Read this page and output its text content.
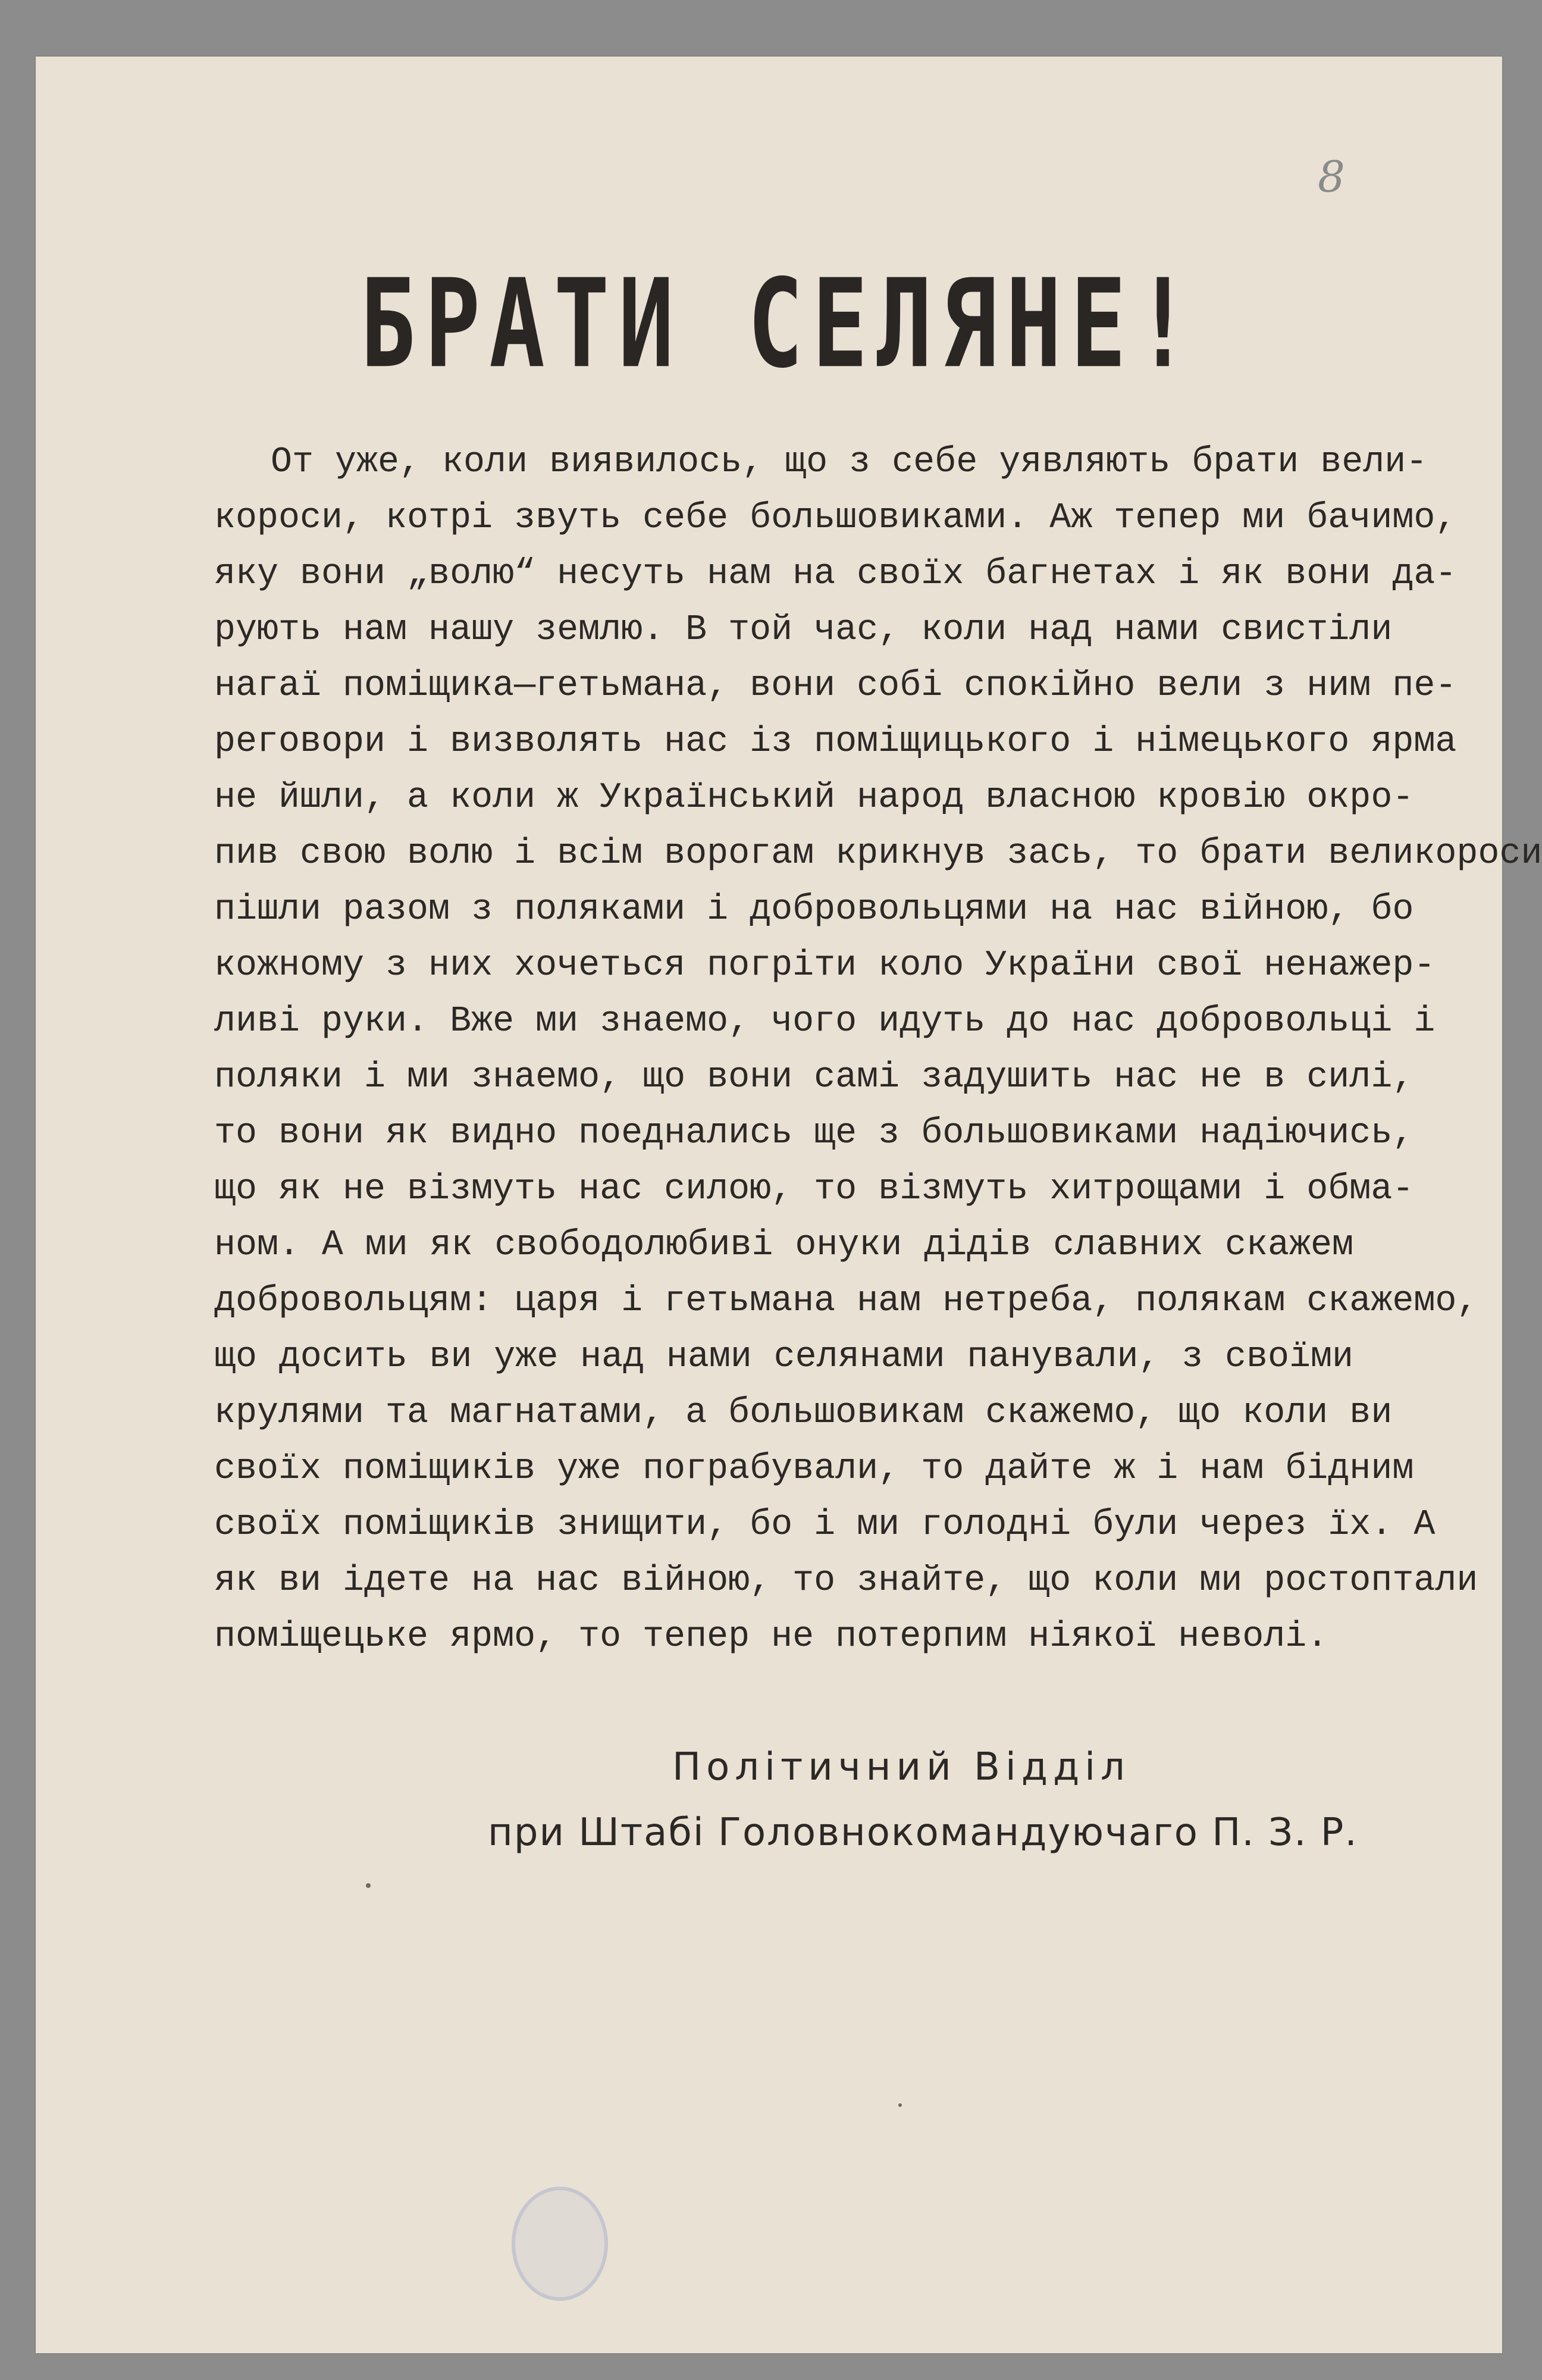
8
БРАТИ СЕЛЯНЕ!
От уже, коли виявилось, що з себе уявляють брати вели-
короси, котрі звуть себе большовиками. Аж тепер ми бачимо,
яку вони „волю“ несуть нам на своїх багнетах і як вони да-
рують нам нашу землю. В той час, коли над нами свистіли
нагаї поміщика—гетьмана, вони собі спокійно вели з ним пе-
реговори і визволять нас із поміщицького і німецького ярма
не йшли, а коли ж Український народ власною кровію окро-
пив свою волю і всім ворогам крикнув зась, то брати великороси
пішли разом з поляками і добровольцями на нас війною, бо
кожному з них хочеться погріти коло України свої ненажер-
ливі руки. Вже ми знаемо, чого идуть до нас добровольці і
поляки і ми знаемо, що вони самі задушить нас не в силі,
то вони як видно поедналиcь ще з большовиками надіючись,
що як не візмуть нас силою, то візмуть хитрощами і обма-
ном. А ми як свободолюбиві онуки дідів славних скажем
добровольцям: царя і гетьмана нам нетреба, полякам скажемо,
що досить ви уже над нами селянами панували, з своїми
крулями та магнатами, а большовикам скажемо, що коли ви
своїх поміщиків уже пограбували, то дайте ж і нам бідним
своїх поміщиків знищити, бо і ми голодні були через їх. А
як ви ідете на нас війною, то знайте, що коли ми ростоптали
поміщецьке ярмо, то тепер не потерпим ніякої неволі.
Політичний Відділ
при Штабі Головнокомандуючаго П. З. Р.
